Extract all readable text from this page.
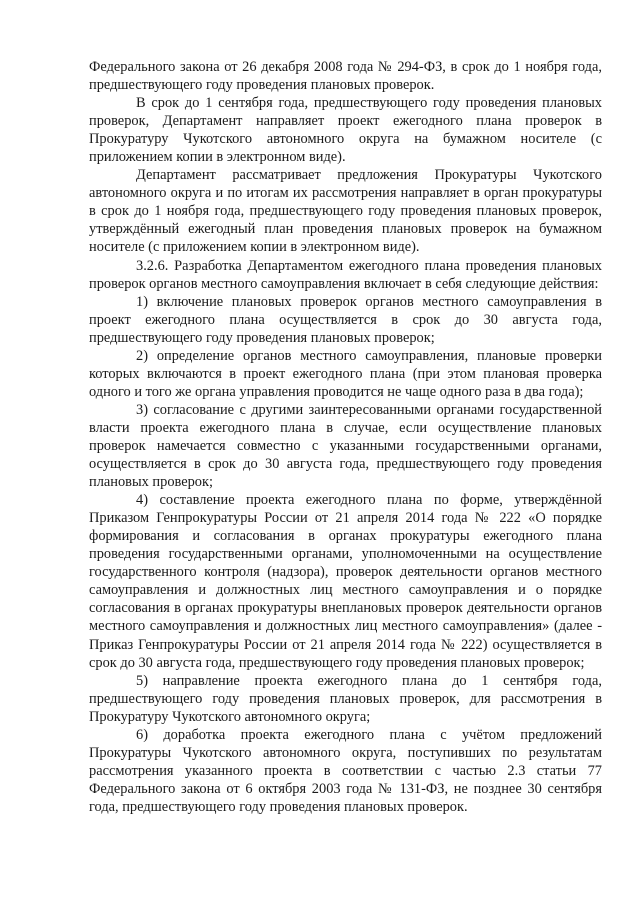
Федерального закона от 26 декабря 2008 года № 294-ФЗ, в срок до 1 ноября года, предшествующего году проведения плановых проверок.

В срок до 1 сентября года, предшествующего году проведения плановых проверок, Департамент направляет проект ежегодного плана проверок в Прокуратуру Чукотского автономного округа на бумажном носителе (с приложением копии в электронном виде).

Департамент рассматривает предложения Прокуратуры Чукотского автономного округа и по итогам их рассмотрения направляет в орган прокуратуры в срок до 1 ноября года, предшествующего году проведения плановых проверок, утверждённый ежегодный план проведения плановых проверок на бумажном носителе (с приложением копии в электронном виде).

3.2.6. Разработка Департаментом ежегодного плана проведения плановых проверок органов местного самоуправления включает в себя следующие действия:

1) включение плановых проверок органов местного самоуправления в проект ежегодного плана осуществляется в срок до 30 августа года, предшествующего году проведения плановых проверок;

2) определение органов местного самоуправления, плановые проверки которых включаются в проект ежегодного плана (при этом плановая проверка одного и того же органа управления проводится не чаще одного раза в два года);

3) согласование с другими заинтересованными органами государственной власти проекта ежегодного плана в случае, если осуществление плановых проверок намечается совместно с указанными государственными органами, осуществляется в срок до 30 августа года, предшествующего году проведения плановых проверок;

4) составление проекта ежегодного плана по форме, утверждённой Приказом Генпрокуратуры России от 21 апреля 2014 года № 222 «О порядке формирования и согласования в органах прокуратуры ежегодного плана проведения государственными органами, уполномоченными на осуществление государственного контроля (надзора), проверок деятельности органов местного самоуправления и должностных лиц местного самоуправления и о порядке согласования в органах прокуратуры внеплановых проверок деятельности органов местного самоуправления и должностных лиц местного самоуправления» (далее - Приказ Генпрокуратуры России от 21 апреля 2014 года № 222) осуществляется в срок до 30 августа года, предшествующего году проведения плановых проверок;

5) направление проекта ежегодного плана до 1 сентября года, предшествующего году проведения плановых проверок, для рассмотрения в Прокуратуру Чукотского автономного округа;

6) доработка проекта ежегодного плана с учётом предложений Прокуратуры Чукотского автономного округа, поступивших по результатам рассмотрения указанного проекта в соответствии с частью 2.3 статьи 77 Федерального закона от 6 октября 2003 года № 131-ФЗ, не позднее 30 сентября года, предшествующего году проведения плановых проверок.
